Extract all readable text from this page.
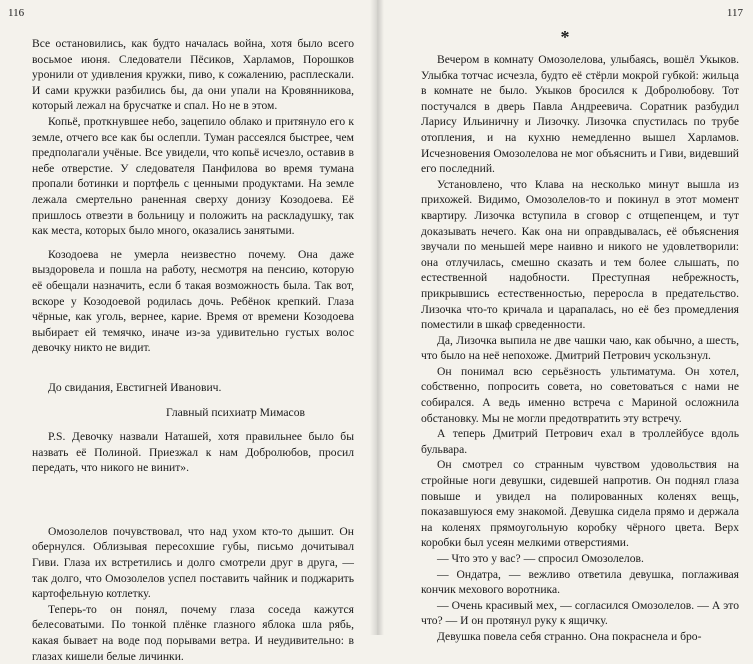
116

Все остановились, как будто началась война, хотя было всего восьмое июня. Следователи Пёсиков, Харламов, Порошков уронили от удивления кружки, пиво, к сожалению, расплескали. И сами кружки разбились бы, да они упали на Кровянникова, который лежал на брусчатке и спал. Но не в этом.

Копьё, проткнувшее небо, зацепило облако и притянуло его к земле, отчего все как бы ослепли. Туман рассеялся быстрее, чем предполагали учёные. Все увидели, что копьё исчезло, оставив в небе отверстие. У следователя Панфилова во время тумана пропали ботинки и портфель с ценными продуктами. На земле лежала смертельно раненная сверху донизу Козодоева. Её пришлось отвезти в больницу и положить на раскладушку, так как места, которых было много, оказались занятыми.

Козодоева не умерла неизвестно почему. Она даже выздоровела и пошла на работу, несмотря на пенсию, которую её обещали назначить, если б такая возможность была. Так вот, вскоре у Козодоевой родилась дочь. Ребёнок крепкий. Глаза чёрные, как уголь, вернее, карие. Время от времени Козодоева выбирает ей темячко, иначе из-за удивительно густых волос девочку никто не видит.

До свидания, Евстигней Иванович.

Главный психиатр Мимасов

P.S. Девочку назвали Наташей, хотя правильнее было бы назвать её Полиной. Приезжал к нам Добролюбов, просил передать, что никого не винит».

Омозолелов почувствовал, что над ухом кто-то дышит. Он обернулся. Облизывая пересохшие губы, письмо дочитывал Гиви. Глаза их встретились и долго смотрели друг в друга, — так долго, что Омозолелов успел поставить чайник и поджарить картофельную котлетку.

Теперь-то он понял, почему глаза соседа кажутся белесоватыми. По тонкой плёнке глазного яблока шла рябь, какая бывает на воде под порывами ветра. И неудивительно: в глазах кишели белые личинки.

117
*

Вечером в комнату Омозолелова, улыбаясь, вошёл Укыков. Улыбка тотчас исчезла, будто её стёрли мокрой губкой: жильца в комнате не было. Укыков бросился к Добролюбову. Тот постучался в дверь Павла Андреевича. Соратник разбудил Ларису Ильиничну и Лизочку. Лизочка спустилась по трубе отопления, и на кухню немедленно вышел Харламов. Исчезновения Омозолелова не мог объяснить и Гиви, видевший его последний.

Установлено, что Клава на несколько минут вышла из прихожей. Видимо, Омозолелов-то и покинул в этот момент квартиру. Лизочка вступила в сговор с отщепенцем, и тут доказывать нечего. Как она ни оправдывалась, её объяснения звучали по меньшей мере наивно и никого не удовлетворили: она отлучилась, смешно сказать и тем более слышать, по естественной надобности. Преступная небрежность, прикрывшись естественностью, переросла в предательство. Лизочка что-то кричала и царапалась, но её без промедления поместили в шкаф срведенности.

Да, Лизочка выпила не две чашки чаю, как обычно, а шесть, что было на неё непохоже. Дмитрий Петрович ускользнул.

Он понимал всю серьёзность ультиматума. Он хотел, собственно, попросить совета, но советоваться с нами не собирался. А ведь именно встреча с Мариной осложнила обстановку. Мы не могли предотвратить эту встречу.

А теперь Дмитрий Петрович ехал в троллейбусе вдоль бульвара.

Он смотрел со странным чувством удовольствия на стройные ноги девушки, сидевшей напротив. Он поднял глаза повыше и увидел на полированных коленях вещь, показавшуюся ему знакомой. Девушка сидела прямо и держала на коленях прямоугольную коробку чёрного цвета. Верх коробки был усеян мелкими отверстиями.

— Что это у вас? — спросил Омозолелов.

— Ондатра, — вежливо ответила девушка, поглаживая кончик мехового воротника.

— Очень красивый мех, — согласился Омозолелов. — А это что? — И он протянул руку к ящичку.

Девушка повела себя странно. Она покраснела и бро-
